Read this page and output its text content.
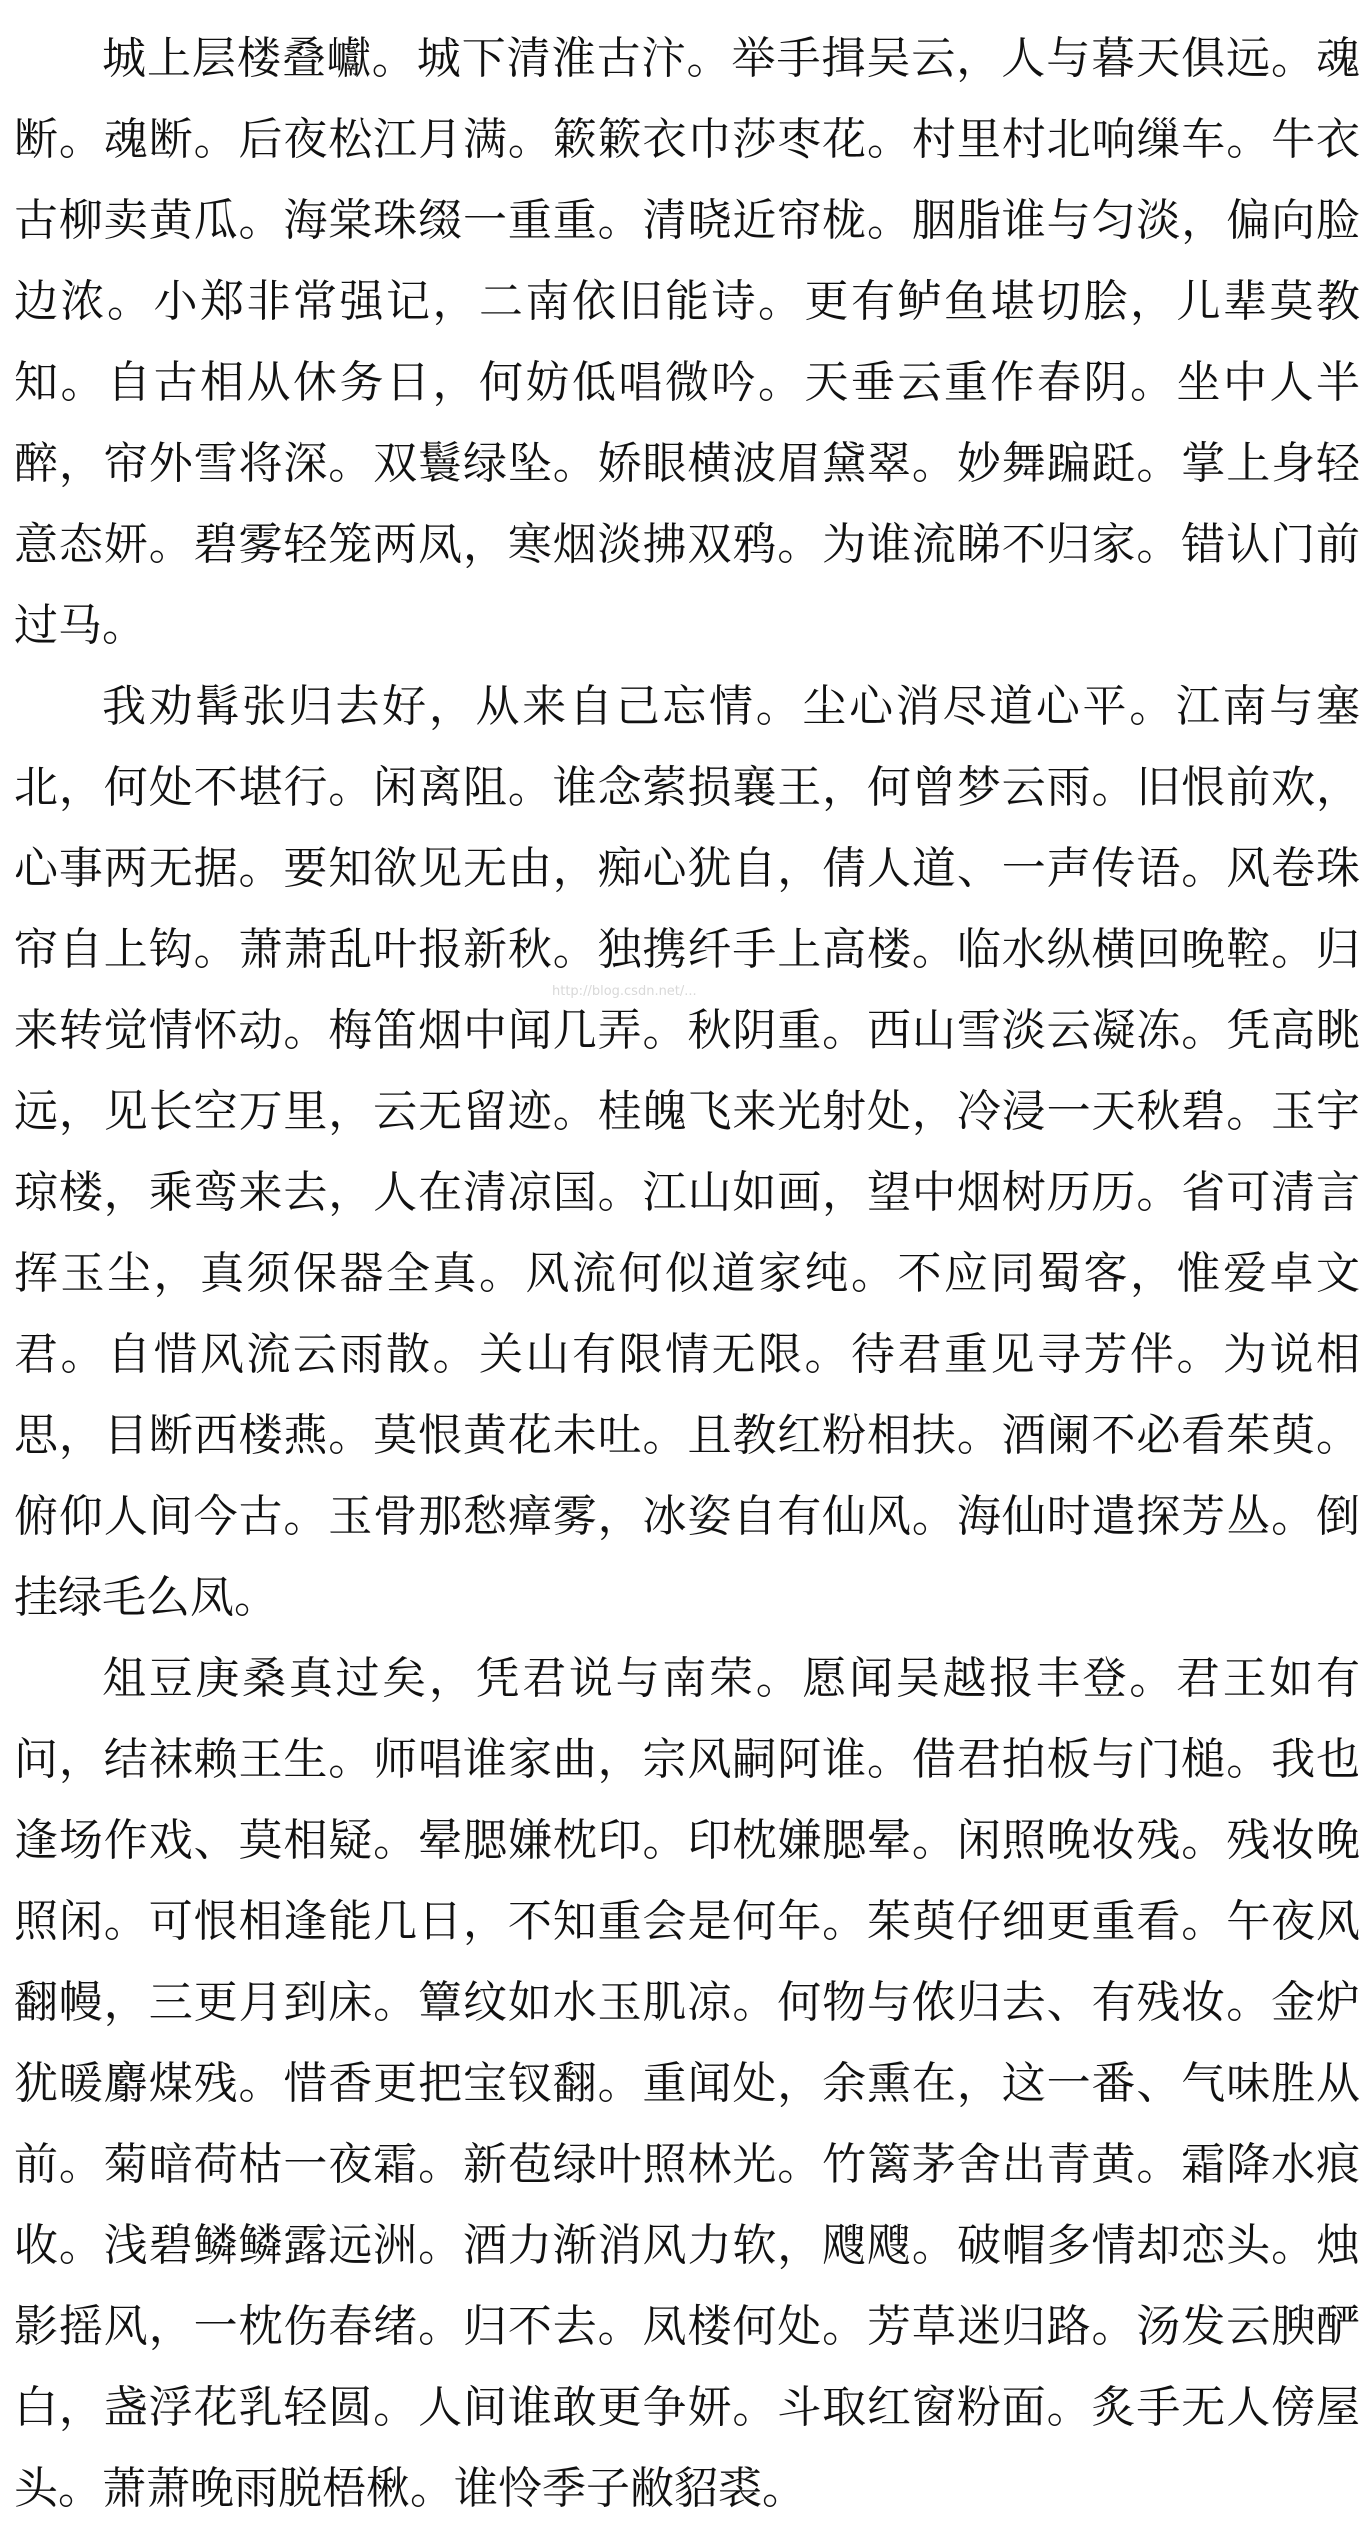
城上层楼叠巘。城下清淮古汴。举手揖吴云，人与暮天俱远。魂断。魂断。后夜松江月满。簌簌衣巾莎枣花。村里村北响缫车。牛衣古柳卖黄瓜。海棠珠缀一重重。清晓近帘栊。胭脂谁与匀淡，偏向脸边浓。小郑非常强记，二南依旧能诗。更有鲈鱼堪切脍，儿辈莫教知。自古相从休务日，何妨低唱微吟。天垂云重作春阴。坐中人半醉，帘外雪将深。双鬟绿坠。娇眼横波眉黛翠。妙舞蹁跹。掌上身轻意态妍。碧雾轻笼两凤，寒烟淡拂双鸦。为谁流睇不归家。错认门前过马。

我劝髯张归去好，从来自己忘情。尘心消尽道心平。江南与塞北，何处不堪行。闲离阻。谁念萦损襄王，何曾梦云雨。旧恨前欢，心事两无据。要知欲见无由，痴心犹自，倩人道、一声传语。风卷珠帘自上钩。萧萧乱叶报新秋。独携纤手上高楼。临水纵横回晚鞚。归来转觉情怀动。梅笛烟中闻几弄。秋阴重。西山雪淡云凝冻。凭高眺远，见长空万里，云无留迹。桂魄飞来光射处，冷浸一天秋碧。玉宇琼楼，乘鸾来去，人在清凉国。江山如画，望中烟树历历。省可清言挥玉尘，真须保器全真。风流何似道家纯。不应同蜀客，惟爱卓文君。自惜风流云雨散。关山有限情无限。待君重见寻芳伴。为说相思，目断西楼燕。莫恨黄花未吐。且教红粉相扶。酒阑不必看茱萸。俯仰人间今古。玉骨那愁瘴雾，冰姿自有仙风。海仙时遣探芳丛。倒挂绿毛么凤。

俎豆庚桑真过矣，凭君说与南荣。愿闻吴越报丰登。君王如有问，结袜赖王生。师唱谁家曲，宗风嗣阿谁。借君拍板与门槌。我也逢场作戏、莫相疑。晕腮嫌枕印。印枕嫌腮晕。闲照晚妆残。残妆晚照闲。可恨相逢能几日，不知重会是何年。茱萸仔细更重看。午夜风翻幔，三更月到床。簟纹如水玉肌凉。何物与侬归去、有残妆。金炉犹暖麝煤残。惜香更把宝钗翻。重闻处，余熏在，这一番、气味胜从前。菊暗荷枯一夜霜。新苞绿叶照林光。竹篱茅舍出青黄。霜降水痕收。浅碧鳞鳞露远洲。酒力渐消风力软，飕飕。破帽多情却恋头。烛影摇风，一枕伤春绪。归不去。凤楼何处。芳草迷归路。汤发云腴酽白，盏浮花乳轻圆。人间谁敢更争妍。斗取红窗粉面。炙手无人傍屋头。萧萧晚雨脱梧楸。谁怜季子敝貂裘。

http://blog.csdn.net/...
